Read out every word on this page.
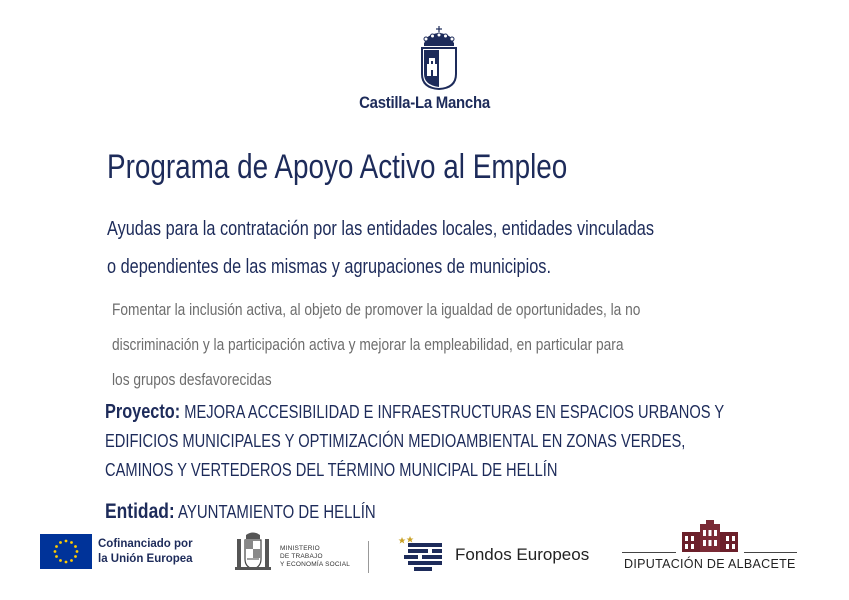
Castilla-La Mancha
Programa de Apoyo Activo al Empleo
Ayudas para la contratación por las entidades locales, entidades vinculadas
o dependientes de las mismas y agrupaciones de municipios.
Fomentar la inclusión activa, al objeto de promover la igualdad de oportunidades, la no
discriminación y la participación activa y mejorar la empleabilidad, en particular para
los grupos desfavorecidas
Proyecto: MEJORA ACCESIBILIDAD E INFRAESTRUCTURAS EN ESPACIOS URBANOS Y
EDIFICIOS MUNICIPALES Y OPTIMIZACIÓN MEDIOAMBIENTAL EN ZONAS VERDES,
CAMINOS Y VERTEDEROS DEL TÉRMINO MUNICIPAL DE HELLÍN
Entidad: AYUNTAMIENTO DE HELLÍN
Cofinanciado por
la Unión Europea
MINISTERIO
DE TRABAJO
Y ECONOMÍA SOCIAL
Fondos Europeos	DIPUTACIÓN DE ALBACETE
